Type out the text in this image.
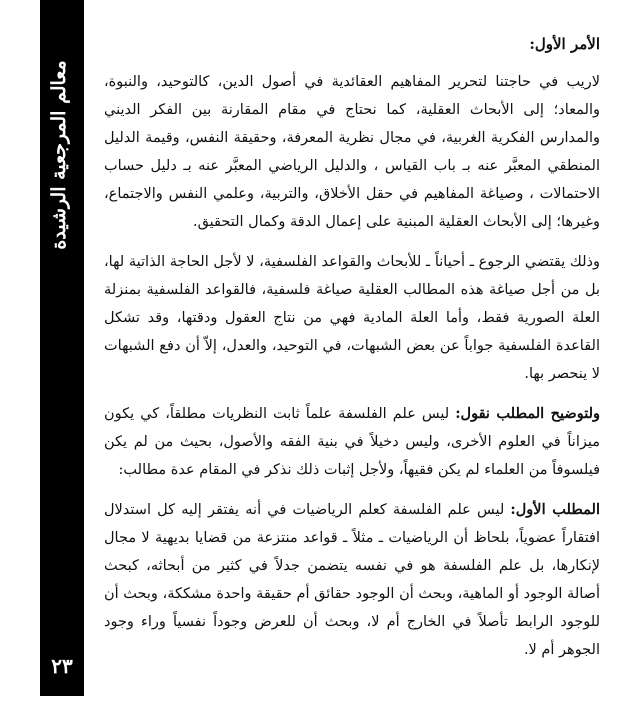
معالم المرجعية الرشيدة
٢٣
الأمر الأول:

لاريب في حاجتنا لتحرير المفاهيم العقائدية في أصول الدين، كالتوحيد، والنبوة، والمعاد؛ إلى الأبحاث العقلية، كما نحتاج في مقام المقارنة بين الفكر الديني والمدارس الفكرية الغربية، في مجال نظرية المعرفة، وحقيقة النفس، وقيمة الدليل المنطقي المعبَّر عنه بـ باب القياس ، والدليل الرياضي المعبَّر عنه بـ دليل حساب الاحتمالات ، وصياغة المفاهيم في حقل الأخلاق، والتربية، وعلمي النفس والاجتماع، وغيرها؛ إلى الأبحاث العقلية المبنية على إعمال الدقة وكمال التحقيق.

وذلك يقتضي الرجوع ـ أحياناً ـ للأبحاث والقواعد الفلسفية، لا لأجل الحاجة الذاتية لها، بل من أجل صياغة هذه المطالب العقلية صياغة فلسفية، فالقواعد الفلسفية بمنزلة العلة الصورية فقط، وأما العلة المادية فهي من نتاج العقول ودقتها، وقد تشكل القاعدة الفلسفية جواباً عن بعض الشبهات، في التوحيد، والعدل، إلاّ أن دفع الشبهات لا ينحصر بها.

ولتوضيح المطلب نقول: ليس علم الفلسفة علماً ثابت النظريات مطلقاً، كي يكون ميزاناً في العلوم الأخرى، وليس دخيلاً في بنية الفقه والأصول، بحيث من لم يكن فيلسوفاً من العلماء لم يكن فقيهاً، ولأجل إثبات ذلك نذكر في المقام عدة مطالب:

المطلب الأول: ليس علم الفلسفة كعلم الرياضيات في أنه يفتقر إليه كل استدلال افتقاراً عضوياً، بلحاظ أن الرياضيات ـ مثلاً ـ قواعد منتزعة من قضايا بديهية لا مجال لإنكارها، بل علم الفلسفة هو في نفسه يتضمن جدلاً في كثير من أبحاثه، كبحث أصالة الوجود أو الماهية، وبحث أن الوجود حقائق أم حقيقة واحدة مشككة، وبحث أن للوجود الرابط تأصلاً في الخارج أم لا، وبحث أن للعرض وجوداً نفسياً وراء وجود الجوهر أم لا.
